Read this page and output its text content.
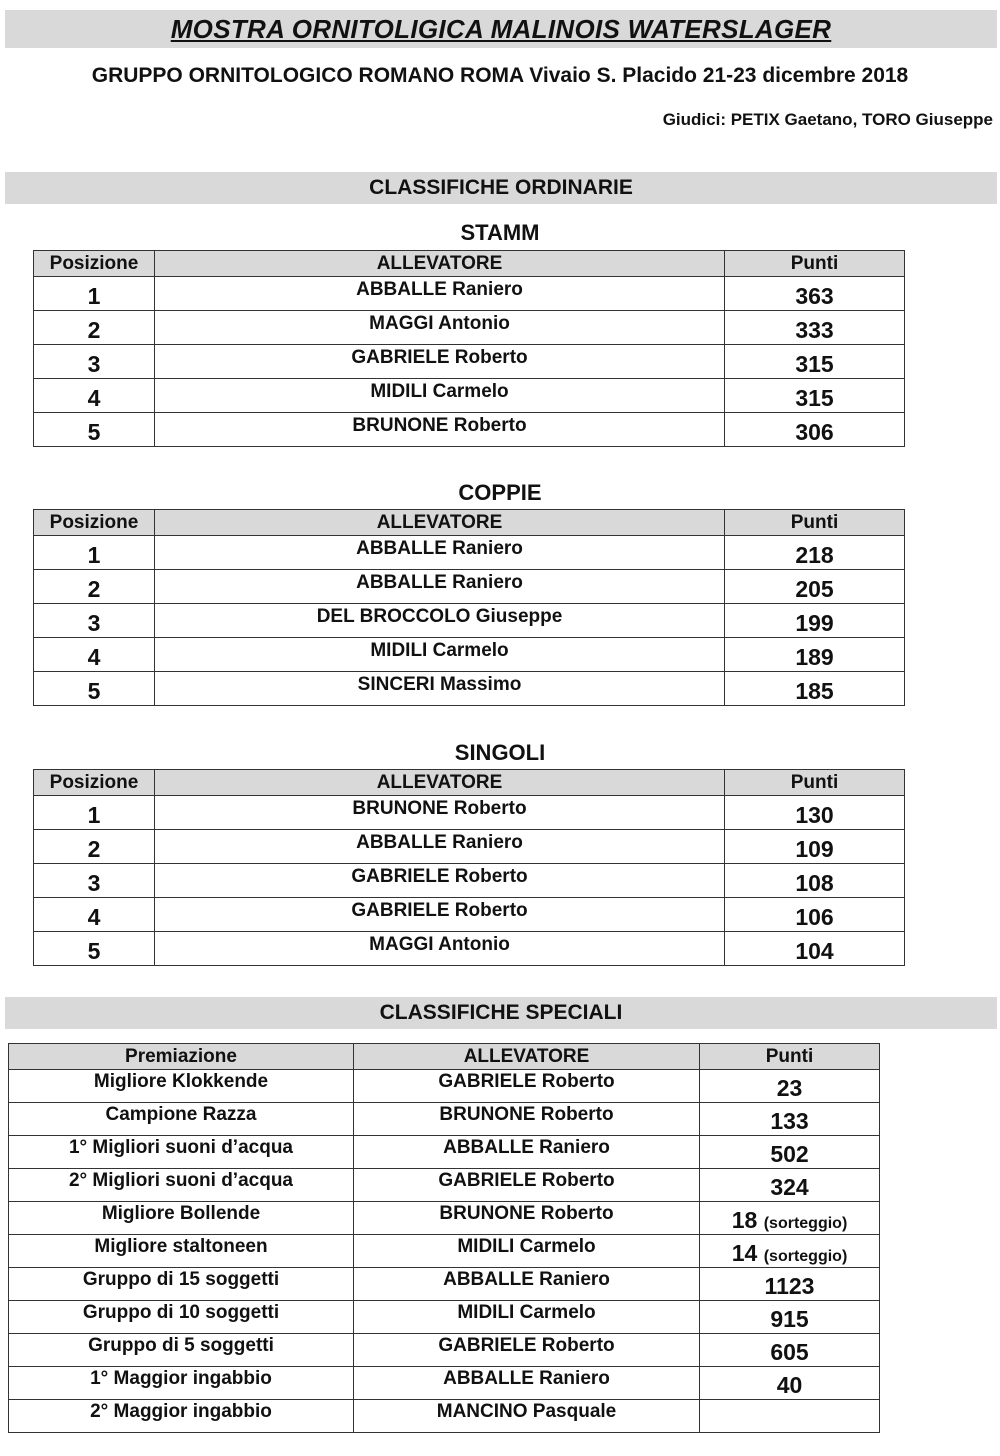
MOSTRA ORNITOLIGICA MALINOIS WATERSLAGER
GRUPPO ORNITOLOGICO ROMANO ROMA Vivaio S. Placido 21-23 dicembre 2018
Giudici: PETIX Gaetano, TORO Giuseppe
CLASSIFICHE ORDINARIE
STAMM
Posizione	ALLEVATORE	Punti
1	ABBALLE Raniero	363
2	MAGGI Antonio	333
3	GABRIELE Roberto	315
4	MIDILI Carmelo	315
5	BRUNONE Roberto	306
COPPIE
Posizione	ALLEVATORE	Punti
1	ABBALLE Raniero	218
2	ABBALLE Raniero	205
3	DEL BROCCOLO Giuseppe	199
4	MIDILI Carmelo	189
5	SINCERI Massimo	185
SINGOLI
Posizione	ALLEVATORE	Punti
1	BRUNONE Roberto	130
2	ABBALLE Raniero	109
3	GABRIELE Roberto	108
4	GABRIELE Roberto	106
5	MAGGI Antonio	104
CLASSIFICHE SPECIALI
Premiazione	ALLEVATORE	Punti
Migliore Klokkende	GABRIELE Roberto	23
Campione Razza	BRUNONE Roberto	133
1° Migliori suoni d’acqua	ABBALLE Raniero	502
2° Migliori suoni d’acqua	GABRIELE Roberto	324
Migliore Bollende	BRUNONE Roberto	18 (sorteggio)
Migliore staltoneen	MIDILI Carmelo	14 (sorteggio)
Gruppo di 15 soggetti	ABBALLE Raniero	1123
Gruppo di 10 soggetti	MIDILI Carmelo	915
Gruppo di 5 soggetti	GABRIELE Roberto	605
1° Maggior ingabbio	ABBALLE Raniero	40
2° Maggior ingabbio	MANCINO Pasquale	
